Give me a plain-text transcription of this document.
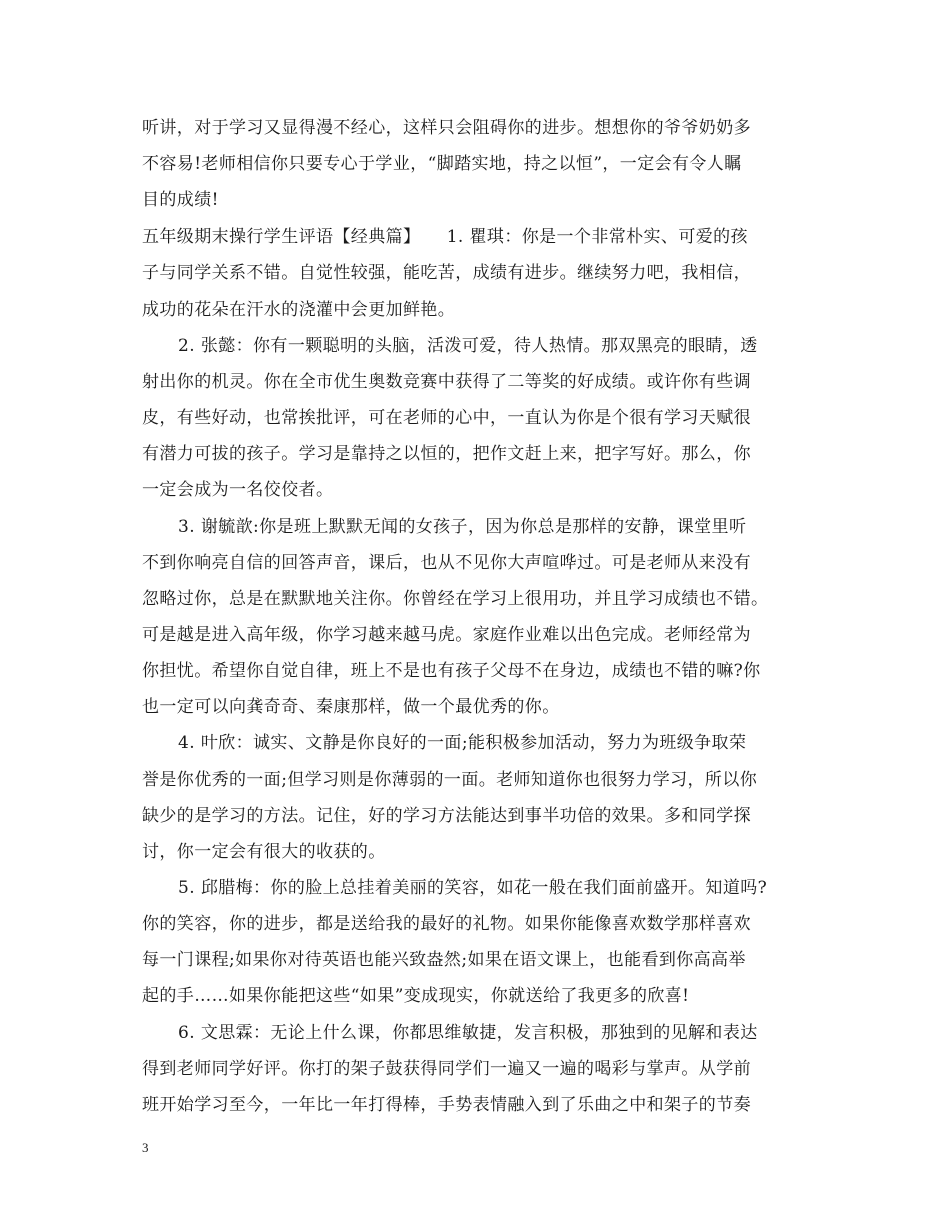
听讲，对于学习又显得漫不经心，这样只会阻碍你的进步。想想你的爷爷奶奶多
不容易!老师相信你只要专心于学业，“脚踏实地，持之以恒”，一定会有令人瞩
目的成绩!
五年级期末操行学生评语【经典篇】　　1. 瞿琪：你是一个非常朴实、可爱的孩
子与同学关系不错。自觉性较强，能吃苦，成绩有进步。继续努力吧，我相信，
成功的花朵在汗水的浇灌中会更加鲜艳。
2. 张懿：你有一颗聪明的头脑，活泼可爱，待人热情。那双黑亮的眼睛，透
射出你的机灵。你在全市优生奥数竞赛中获得了二等奖的好成绩。或许你有些调
皮，有些好动，也常挨批评，可在老师的心中，一直认为你是个很有学习天赋很
有潜力可拔的孩子。学习是靠持之以恒的，把作文赶上来，把字写好。那么，你
一定会成为一名佼佼者。
3. 谢毓歆:你是班上默默无闻的女孩子，因为你总是那样的安静，课堂里听
不到你响亮自信的回答声音，课后，也从不见你大声喧哗过。可是老师从来没有
忽略过你，总是在默默地关注你。你曾经在学习上很用功，并且学习成绩也不错。
可是越是进入高年级，你学习越来越马虎。家庭作业难以出色完成。老师经常为
你担忧。希望你自觉自律，班上不是也有孩子父母不在身边，成绩也不错的嘛?你
也一定可以向龚奇奇、秦康那样，做一个最优秀的你。
4. 叶欣：诚实、文静是你良好的一面;能积极参加活动，努力为班级争取荣
誉是你优秀的一面;但学习则是你薄弱的一面。老师知道你也很努力学习，所以你
缺少的是学习的方法。记住，好的学习方法能达到事半功倍的效果。多和同学探
讨，你一定会有很大的收获的。
5. 邱腊梅：你的脸上总挂着美丽的笑容，如花一般在我们面前盛开。知道吗?
你的笑容，你的进步，都是送给我的最好的礼物。如果你能像喜欢数学那样喜欢
每一门课程;如果你对待英语也能兴致盎然;如果在语文课上，也能看到你高高举
起的手……如果你能把这些“如果”变成现实，你就送给了我更多的欣喜!
6. 文思霖：无论上什么课，你都思维敏捷，发言积极，那独到的见解和表达
得到老师同学好评。你打的架子鼓获得同学们一遍又一遍的喝彩与掌声。从学前
班开始学习至今，一年比一年打得棒，手势表情融入到了乐曲之中和架子的节奏
3
